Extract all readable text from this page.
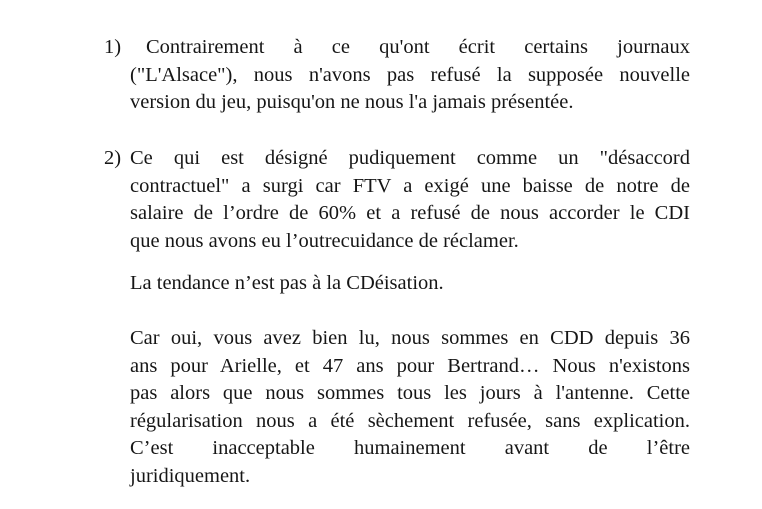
1)	Contrairement à ce qu'ont écrit certains journaux
("L'Alsace"), nous n'avons pas refusé la supposée nouvelle
version du jeu, puisqu'on ne nous l'a jamais présentée.
2) Ce qui est désigné pudiquement comme un "désaccord
contractuel" a surgi car FTV a exigé une baisse de notre de
salaire de l’ordre de 60% et a refusé de nous accorder le CDI
que nous avons eu l’outrecuidance de réclamer.
La tendance n’est pas à la CDéisation.
Car oui, vous avez bien lu, nous sommes en CDD depuis 36
ans pour Arielle, et 47 ans pour Bertrand… Nous n'existons
pas alors que nous sommes tous les jours à l'antenne. Cette
régularisation nous a été sèchement refusée, sans explication.
C’est inacceptable humainement avant de l’être
juridiquement.
